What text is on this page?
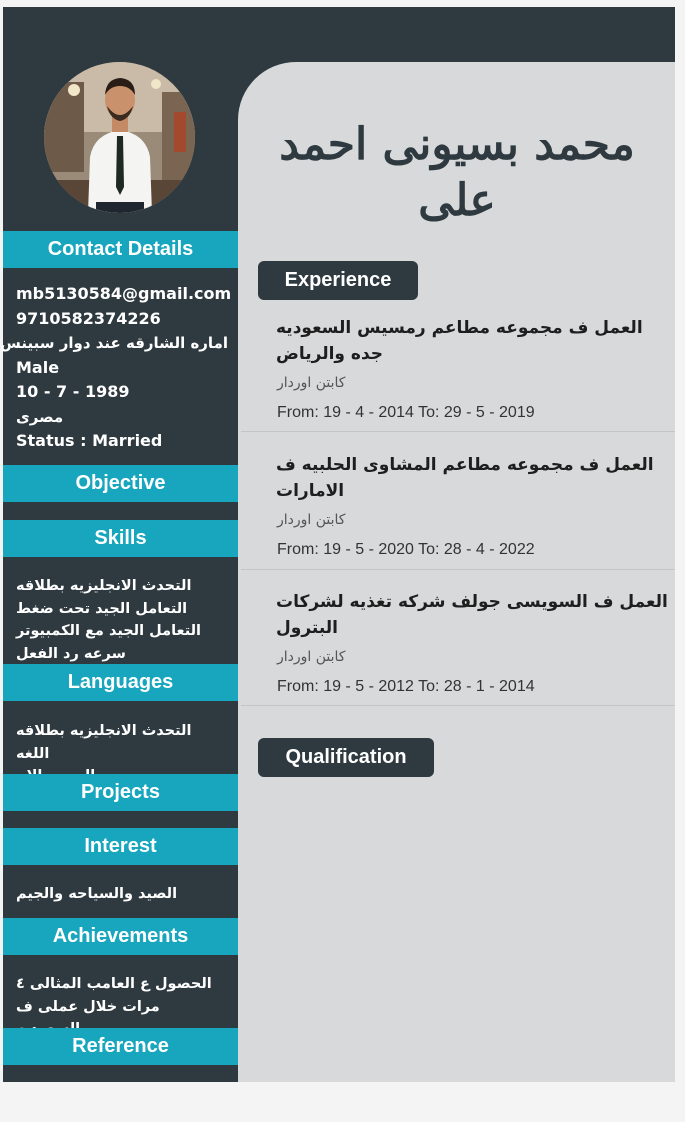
Contact Details
mb5130584@gmail.com
9710582374226
اماره الشارقه عند دوار سبينس
Male
10 - 7 - 1989
مصرى
Status : Married
Objective
Skills
التحدث الانجليزيه بطلاقه
التعامل الجيد تحت ضغط
التعامل الجيد مع الكمبيوتر
سرعه رد الفعل
Languages
التحدث الانجليزيه بطلاقه اللغه
Projects
Interest
الصيد والسياحه والجيم
Achievements
الحصول ع العامب المثالى ٤
مرات خلال عملى ف
Reference
محمد بسيونى احمد
على
Experience
العمل ف مجموعه مطاعم رمسيس السعوديه جده والرياض
كابتن اوردار
From: 19 - 4 - 2014 To: 29 - 5 - 2019
العمل ف مجموعه مطاعم المشاوى الحلبيه ف الامارات
كابتن اوردار
From: 19 - 5 - 2020 To: 28 - 4 - 2022
العمل ف السويسى جولف شركه تغذيه لشركات البترول
كابتن اوردار
From: 19 - 5 - 2012 To: 28 - 1 - 2014
Qualification
